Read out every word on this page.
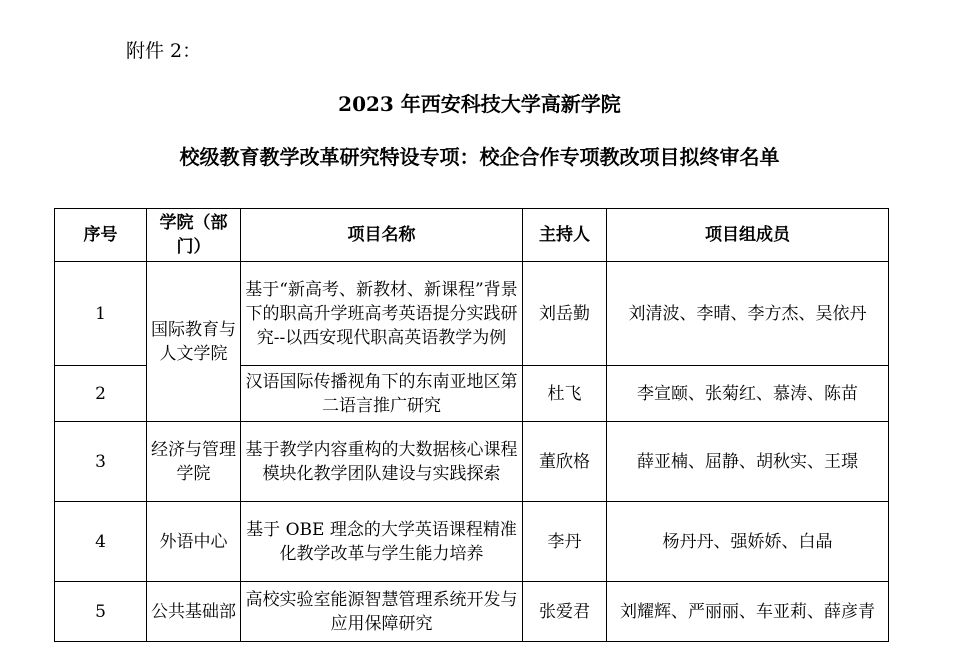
附件 2：
2023 年西安科技大学高新学院
校级教育教学改革研究特设专项：校企合作专项教改项目拟终审名单
序号	学院（部门）	项目名称	主持人	项目组成员
1	国际教育与人文学院	基于“新高考、新教材、新课程”背景下的职高升学班高考英语提分实践研究--以西安现代职高英语教学为例	刘岳勤	刘清波、李晴、李方杰、吴依丹
2		汉语国际传播视角下的东南亚地区第二语言推广研究	杜飞	李宣颐、张菊红、慕涛、陈苗
3	经济与管理学院	基于教学内容重构的大数据核心课程模块化教学团队建设与实践探索	董欣格	薛亚楠、屈静、胡秋实、王璟
4	外语中心	基于 OBE 理念的大学英语课程精准化教学改革与学生能力培养	李丹	杨丹丹、强娇娇、白晶
5	公共基础部	高校实验室能源智慧管理系统开发与应用保障研究	张爱君	刘耀辉、严丽丽、车亚莉、薛彦青
